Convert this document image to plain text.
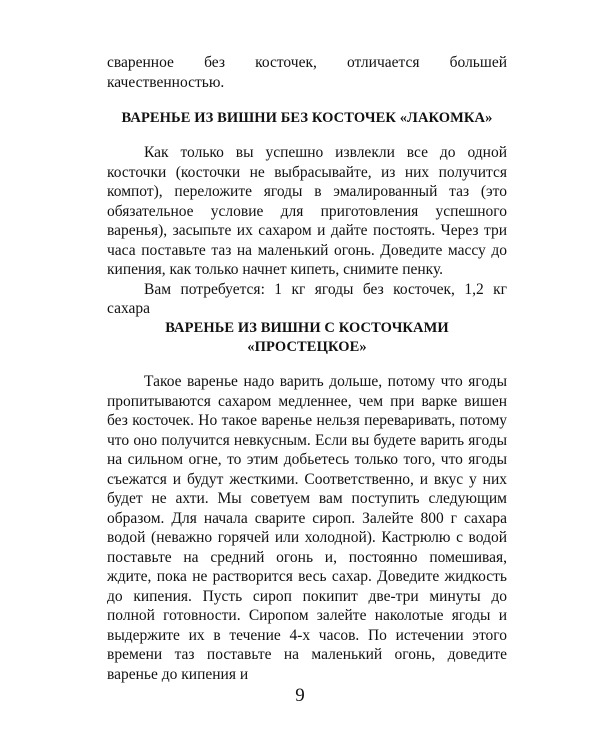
сваренное без косточек, отличается большей
качественностью.
ВАРЕНЬЕ ИЗ ВИШНИ БЕЗ КОСТОЧЕК «ЛАКОМКА»

Как только вы успешно извлекли все до одной косточки (косточки не выбрасывайте, из них получится компот), переложите ягоды в эмалированный таз (это обязательное условие для приготовления успешного варенья), засыпьте их сахаром и дайте постоять. Через три часа поставьте таз на маленький огонь. Доведите массу до кипения, как только начнет кипеть, снимите пенку.

Вам потребуется: 1 кг ягоды без косточек, 1,2 кг сахара

ВАРЕНЬЕ ИЗ ВИШНИ С КОСТОЧКАМИ
«ПРОСТЕЦКОЕ»

Такое варенье надо варить дольше, потому что ягоды пропитываются сахаром медленнее, чем при варке вишен без косточек. Но такое варенье нельзя переваривать, потому что оно получится невкусным. Если вы будете варить ягоды на сильном огне, то этим добьетесь только того, что ягоды съежатся и будут жесткими. Соответственно, и вкус у них будет не ахти. Мы советуем вам поступить следующим образом. Для начала сварите сироп. Залейте 800 г сахара водой (неважно горячей или холодной). Кастрюлю с водой поставьте на средний огонь и, постоянно помешивая, ждите, пока не растворится весь сахар. Доведите жидкость до кипения. Пусть сироп покипит две-три минуты до полной готовности. Сиропом залейте наколотые ягоды и выдержите их в течение 4-х часов. По истечении этого времени таз поставьте на маленький огонь, доведите варенье до кипения и

9
